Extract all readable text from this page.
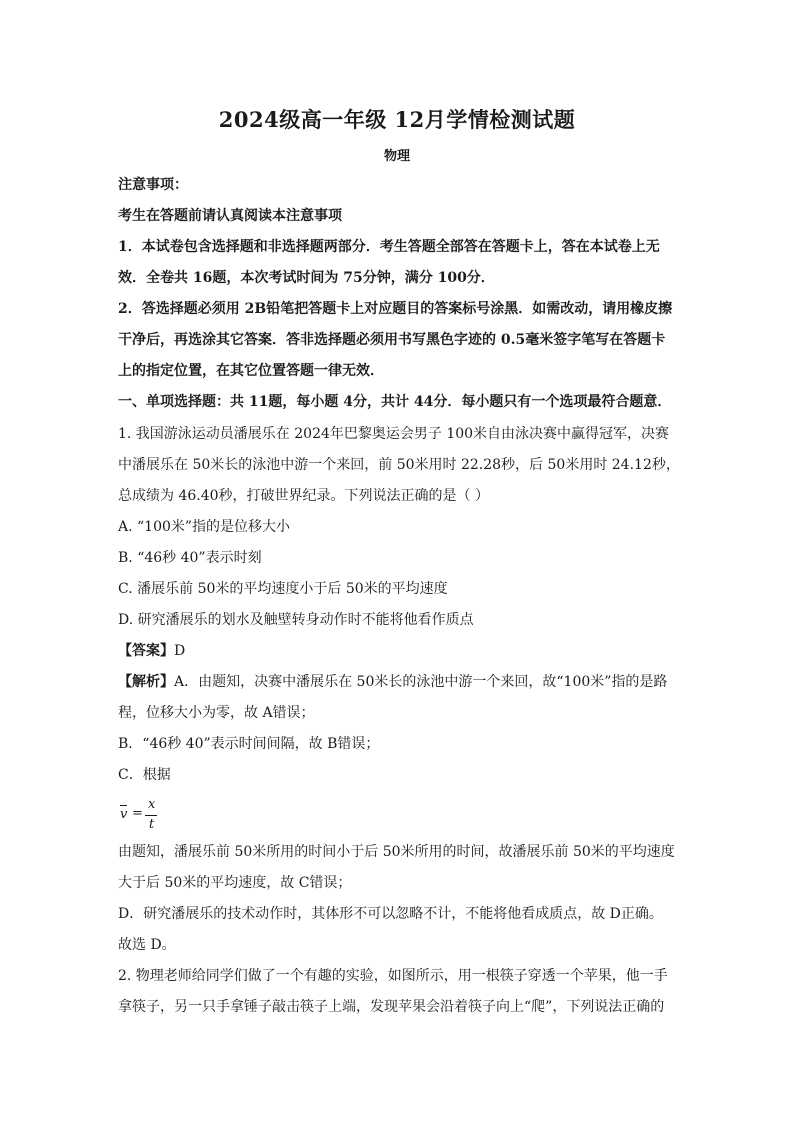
2024级高一年级 12月学情检测试题
物理
注意事项：
考生在答题前请认真阅读本注意事项
1．本试卷包含选择题和非选择题两部分．考生答题全部答在答题卡上，答在本试卷上无
效．全卷共 16题，本次考试时间为 75分钟，满分 100分．
2．答选择题必须用 2B铅笔把答题卡上对应题目的答案标号涂黑．如需改动，请用橡皮擦
干净后，再选涂其它答案．答非选择题必须用书写黑色字迹的 0.5毫米签字笔写在答题卡
上的指定位置，在其它位置答题一律无效．
一、单项选择题：共 11题，每小题 4分，共计 44分．每小题只有一个选项最符合题意．
1. 我国游泳运动员潘展乐在 2024年巴黎奥运会男子 100米自由泳决赛中赢得冠军，决赛
中潘展乐在 50米长的泳池中游一个来回，前 50米用时 22.28秒，后 50米用时 24.12秒，
总成绩为 46.40秒，打破世界纪录。下列说法正确的是（ ）
A. “100米”指的是位移大小
B. “46秒 40”表示时刻
C. 潘展乐前 50米的平均速度小于后 50米的平均速度
D. 研究潘展乐的划水及触壁转身动作时不能将他看作质点
【答案】D
【解析】A．由题知，决赛中潘展乐在 50米长的泳池中游一个来回，故“100米”指的是路
程，位移大小为零，故 A错误；
B．“46秒 40”表示时间间隔，故 B错误；
C．根据
v =
x
t
由题知，潘展乐前 50米所用的时间小于后 50米所用的时间，故潘展乐前 50米的平均速度
大于后 50米的平均速度，故 C错误；
D．研究潘展乐的技术动作时，其体形不可以忽略不计，不能将他看成质点，故 D正确。
故选 D。
2. 物理老师给同学们做了一个有趣的实验，如图所示，用一根筷子穿透一个苹果，他一手
拿筷子，另一只手拿锤子敲击筷子上端，发现苹果会沿着筷子向上“爬”，下列说法正确的
